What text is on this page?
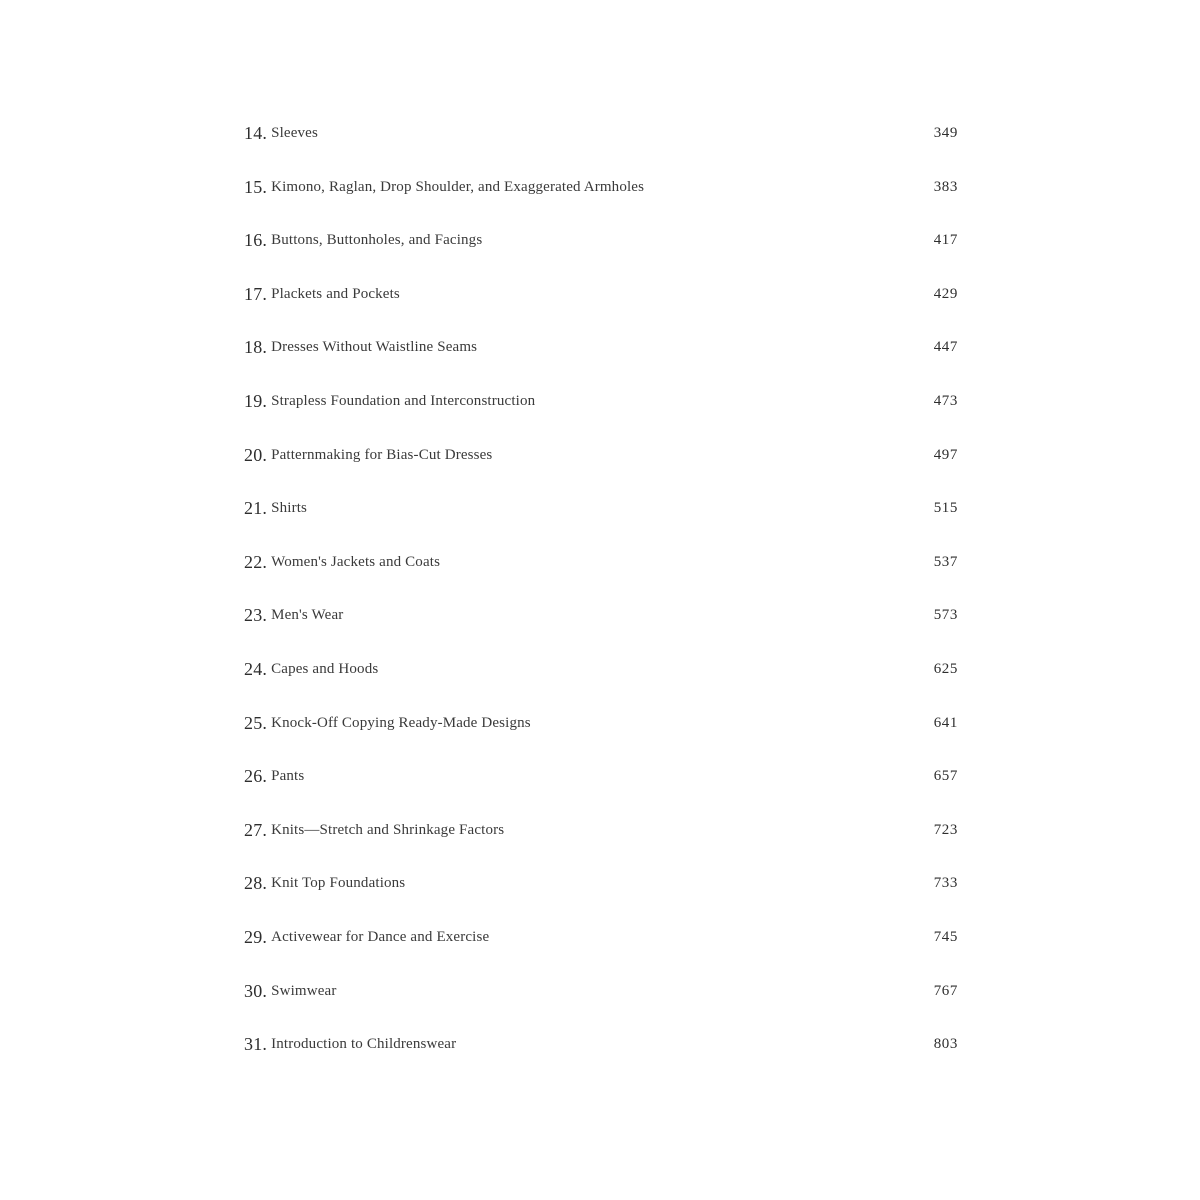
14. Sleeves	349
15. Kimono, Raglan, Drop Shoulder, and Exaggerated Armholes	383
16. Buttons, Buttonholes, and Facings	417
17. Plackets and Pockets	429
18. Dresses Without Waistline Seams	447
19. Strapless Foundation and Interconstruction	473
20. Patternmaking for Bias-Cut Dresses	497
21. Shirts	515
22. Women's Jackets and Coats	537
23. Men's Wear	573
24. Capes and Hoods	625
25. Knock-Off Copying Ready-Made Designs	641
26. Pants	657
27. Knits—Stretch and Shrinkage Factors	723
28. Knit Top Foundations	733
29. Activewear for Dance and Exercise	745
30. Swimwear	767
31. Introduction to Childrenswear	803
